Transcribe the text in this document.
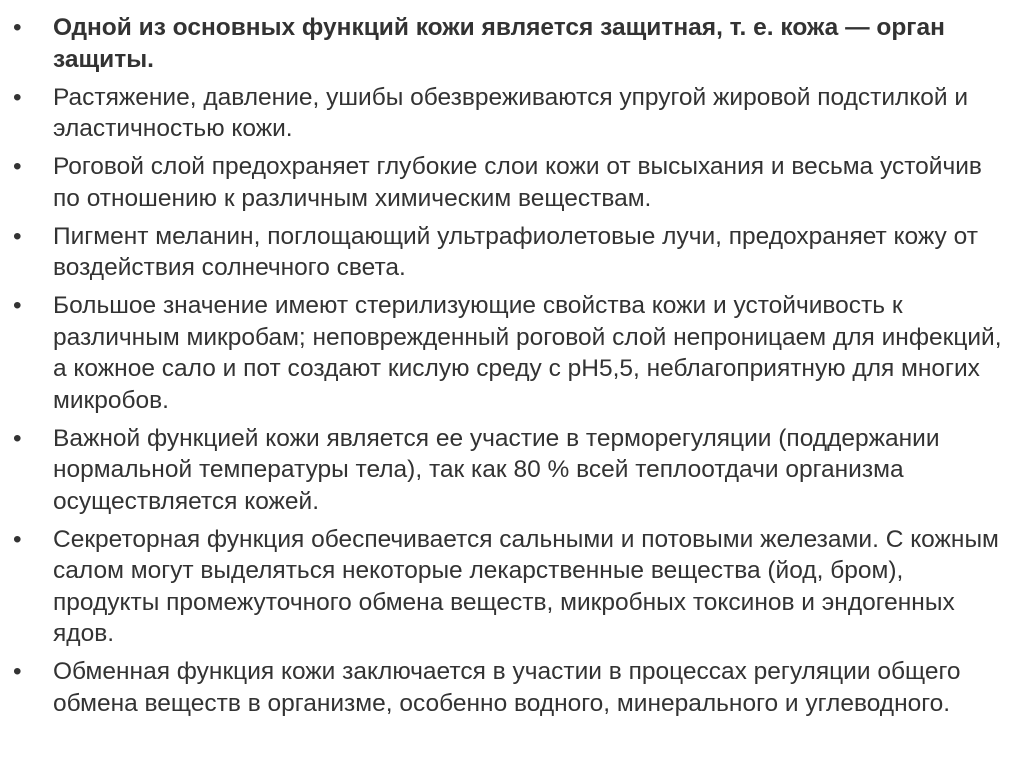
• Одной из основных функций кожи является защитная, т. е. кожа — орган защиты.
• Растяжение, давление, ушибы обезвреживаются упругой жировой подстилкой и эластичностью кожи.
• Роговой слой предохраняет глубокие слои кожи от высыхания и весьма устойчив по отношению к различным химическим веществам.
• Пигмент меланин, поглощающий ультрафиолетовые лучи, предохраняет кожу от воздействия солнечного света.
• Большое значение имеют стерилизующие свойства кожи и устойчивость к различным микробам; неповрежденный роговой слой непроницаем для инфекций, а кожное сало и пот создают кислую среду с рН5,5, неблагоприятную для многих микробов.
• Важной функцией кожи является ее участие в терморегуляции (поддержании нормальной температуры тела), так как 80 % всей теплоотдачи организма осуществляется кожей.
• Секреторная функция обеспечивается сальными и потовыми железами. С кожным салом могут выделяться некоторые лекарственные вещества (йод, бром), продукты промежуточного обмена веществ, микробных токсинов и эндогенных ядов.
• Обменная функция кожи заключается в участии в процессах регуляции общего обмена веществ в организме, особенно водного, минерального и углеводного.
